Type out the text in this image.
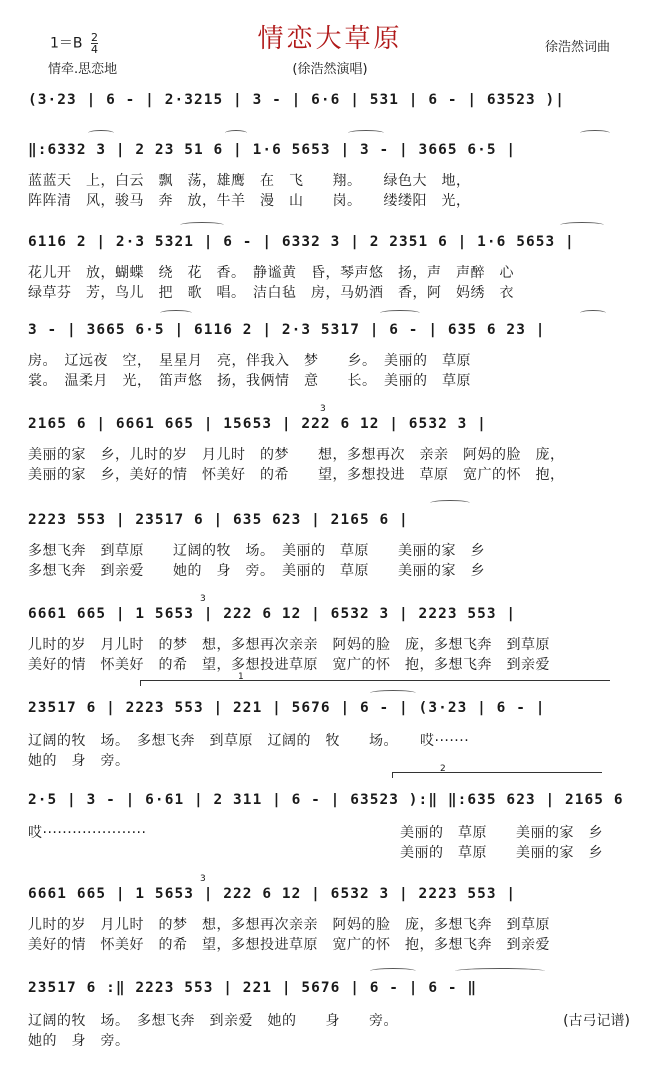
情恋大草原
$1=B \frac{2}{4}$
情牵.思恋地
徐浩然词曲
(徐浩然演唱)
(3·23 | 6 - | 2·3215 | 3 - | 6·6 | 531 | 6 - | 63523 )|
‖:6332 3 | 2 23 51 6 | 1·6 5653 | 3 - | 3665 6·5 |
蓝蓝天　上，白云　飘　荡，雄鹰　在　飞　　翔。　　绿色大　地，
阵阵清　风，骏马　奔　放，牛羊　漫　山　　岗。　　缕缕阳　光，
6116 2 | 2·3 5321 | 6 - | 6332 3 | 2 2351 6 | 1·6 5653 |
花儿开　放，蝴蝶　绕　花　香。　静谧黄　昏，琴声悠　扬，声　声醉　心
绿草芬　芳，鸟儿　把　歌　唱。　洁白毡　房，马奶酒　香，阿　妈绣　衣
3 - | 3665 6·5 | 6116 2 | 2·3 5317 | 6 - | 635 6 23 |
房。　辽远夜　空，　星星月　亮，伴我入　梦　　乡。　美丽的　草原
裳。　温柔月　光，　笛声悠　扬，我俩情　意　　长。　美丽的　草原
3
2165 6 | 6661 665 | 15653 | 222 6 12 | 6532 3 |
美丽的家　乡，儿时的岁　月儿时　的梦　　想，多想再次　亲亲　阿妈的脸　庞，
美丽的家　乡，美好的情　怀美好　的希　　望，多想投进　草原　宽广的怀　抱，
2223 553 | 23517 6 | 635 623 | 2165 6 |
多想飞奔　到草原　　辽阔的牧　场。　美丽的　草原　　美丽的家　乡
多想飞奔　到亲爱　　她的　身　旁。　美丽的　草原　　美丽的家　乡
3
6661 665 | 1 5653 | 222 6 12 | 6532 3 | 2223 553 |
儿时的岁　月儿时　的梦　想，多想再次亲亲　阿妈的脸　庞，多想飞奔　到草原
美好的情　怀美好　的希　望，多想投进草原　宽广的怀　抱，多想飞奔　到亲爱
1
23517 6 | 2223 553 | 221 | 5676 | 6 - | (3·23 | 6 - |
辽阔的牧　场。　多想飞奔　到草原　辽阔的　牧　　场。　　哎·······
她的　身　旁。	2
2·5 | 3 - | 6·61 | 2 311 | 6 - | 63523 ):‖ ‖:635 623 | 2165 6
哎·····················	美丽的　草原　　美丽的家　乡
美丽的　草原　　美丽的家　乡
3
6661 665 | 1 5653 | 222 6 12 | 6532 3 | 2223 553 |
儿时的岁　月儿时　的梦　想，多想再次亲亲　阿妈的脸　庞，多想飞奔　到草原
美好的情　怀美好　的希　望，多想投进草原　宽广的怀　抱，多想飞奔　到亲爱
23517 6 :‖ 2223 553 | 221 | 5676 | 6 - | 6 - ‖
辽阔的牧　场。　多想飞奔　到亲爱　她的　　身　　旁。	(古弓记谱)
她的　身　旁。
